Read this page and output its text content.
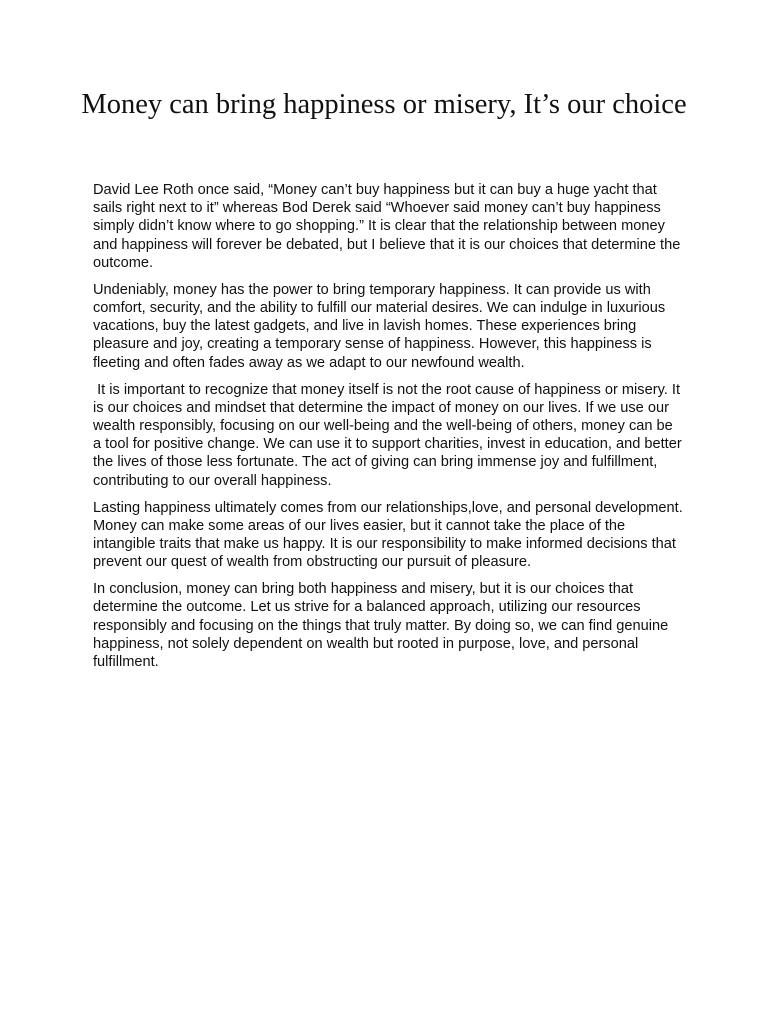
Money can bring happiness or misery, It’s our choice

David Lee Roth once said, “Money can’t buy happiness but it can buy a huge yacht that sails right next to it” whereas Bod Derek said “Whoever said money can’t buy happiness simply didn’t know where to go shopping.” It is clear that the relationship between money and happiness will forever be debated, but I believe that it is our choices that determine the outcome.

Undeniably, money has the power to bring temporary happiness. It can provide us with comfort, security, and the ability to fulfill our material desires. We can indulge in luxurious vacations, buy the latest gadgets, and live in lavish homes. These experiences bring pleasure and joy, creating a temporary sense of happiness. However, this happiness is fleeting and often fades away as we adapt to our newfound wealth.

It is important to recognize that money itself is not the root cause of happiness or misery. It is our choices and mindset that determine the impact of money on our lives. If we use our wealth responsibly, focusing on our well-being and the well-being of others, money can be a tool for positive change. We can use it to support charities, invest in education, and better the lives of those less fortunate. The act of giving can bring immense joy and fulfillment, contributing to our overall happiness.

Lasting happiness ultimately comes from our relationships,love, and personal development. Money can make some areas of our lives easier, but it cannot take the place of the intangible traits that make us happy. It is our responsibility to make informed decisions that prevent our quest of wealth from obstructing our pursuit of pleasure.

In conclusion, money can bring both happiness and misery, but it is our choices that determine the outcome. Let us strive for a balanced approach, utilizing our resources responsibly and focusing on the things that truly matter. By doing so, we can find genuine happiness, not solely dependent on wealth but rooted in purpose, love, and personal fulfillment.
